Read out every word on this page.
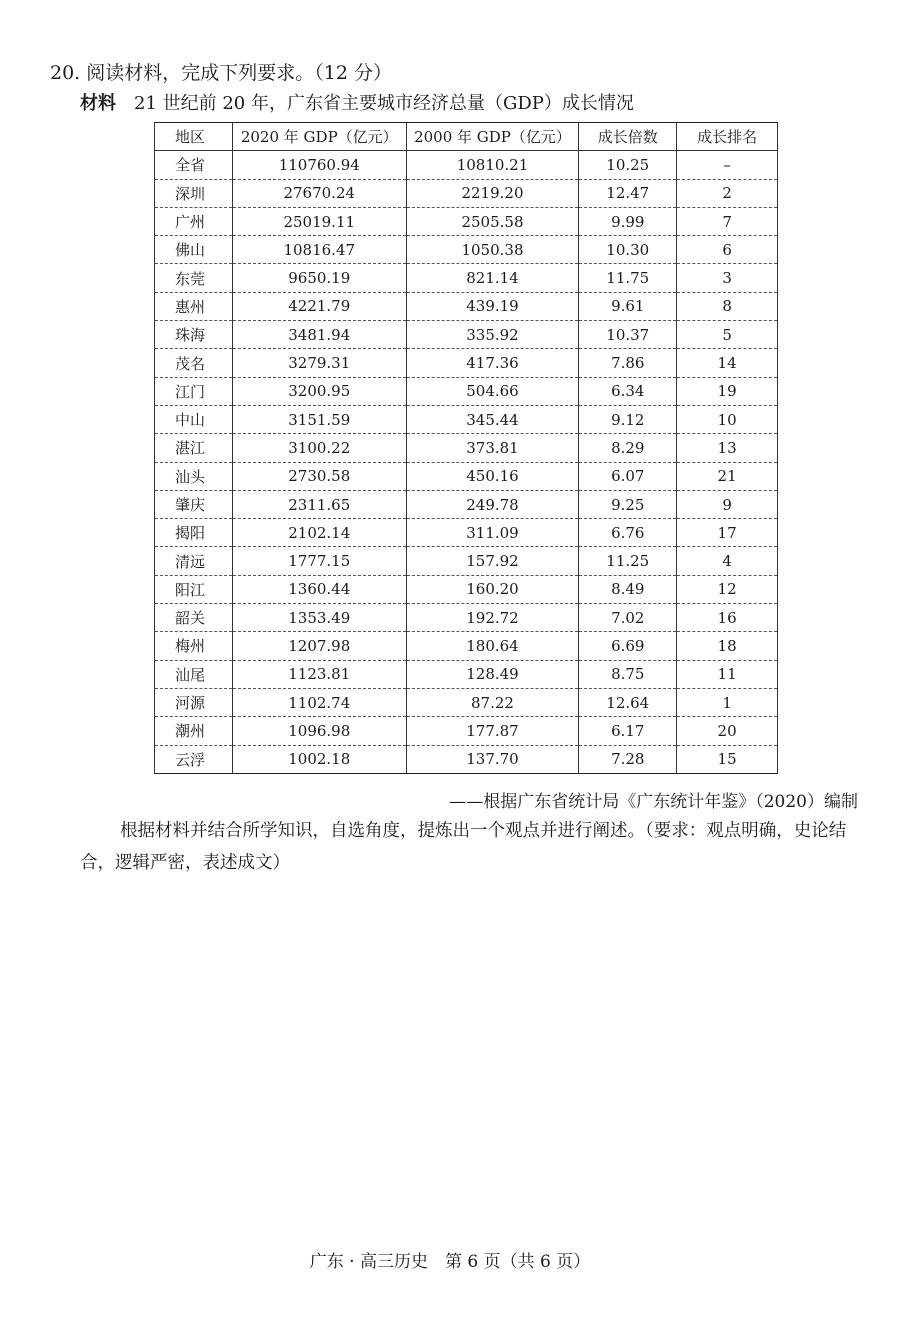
20. 阅读材料，完成下列要求。（12 分）
材料 21 世纪前 20 年，广东省主要城市经济总量（GDP）成长情况
地区	2020 年 GDP（亿元）	2000 年 GDP（亿元）	成长倍数	成长排名
全省	110760.94	10810.21	10.25	–
深圳	27670.24	2219.20	12.47	2
广州	25019.11	2505.58	9.99	7
佛山	10816.47	1050.38	10.30	6
东莞	9650.19	821.14	11.75	3
惠州	4221.79	439.19	9.61	8
珠海	3481.94	335.92	10.37	5
茂名	3279.31	417.36	7.86	14
江门	3200.95	504.66	6.34	19
中山	3151.59	345.44	9.12	10
湛江	3100.22	373.81	8.29	13
汕头	2730.58	450.16	6.07	21
肇庆	2311.65	249.78	9.25	9
揭阳	2102.14	311.09	6.76	17
清远	1777.15	157.92	11.25	4
阳江	1360.44	160.20	8.49	12
韶关	1353.49	192.72	7.02	16
梅州	1207.98	180.64	6.69	18
汕尾	1123.81	128.49	8.75	11
河源	1102.74	87.22	12.64	1
潮州	1096.98	177.87	6.17	20
云浮	1002.18	137.70	7.28	15
——根据广东省统计局《广东统计年鉴》（2020）编制
根据材料并结合所学知识，自选角度，提炼出一个观点并进行阐述。（要求：观点明确，史论结合，逻辑严密，表述成文）
广东 · 高三历史　第 6 页（共 6 页）
